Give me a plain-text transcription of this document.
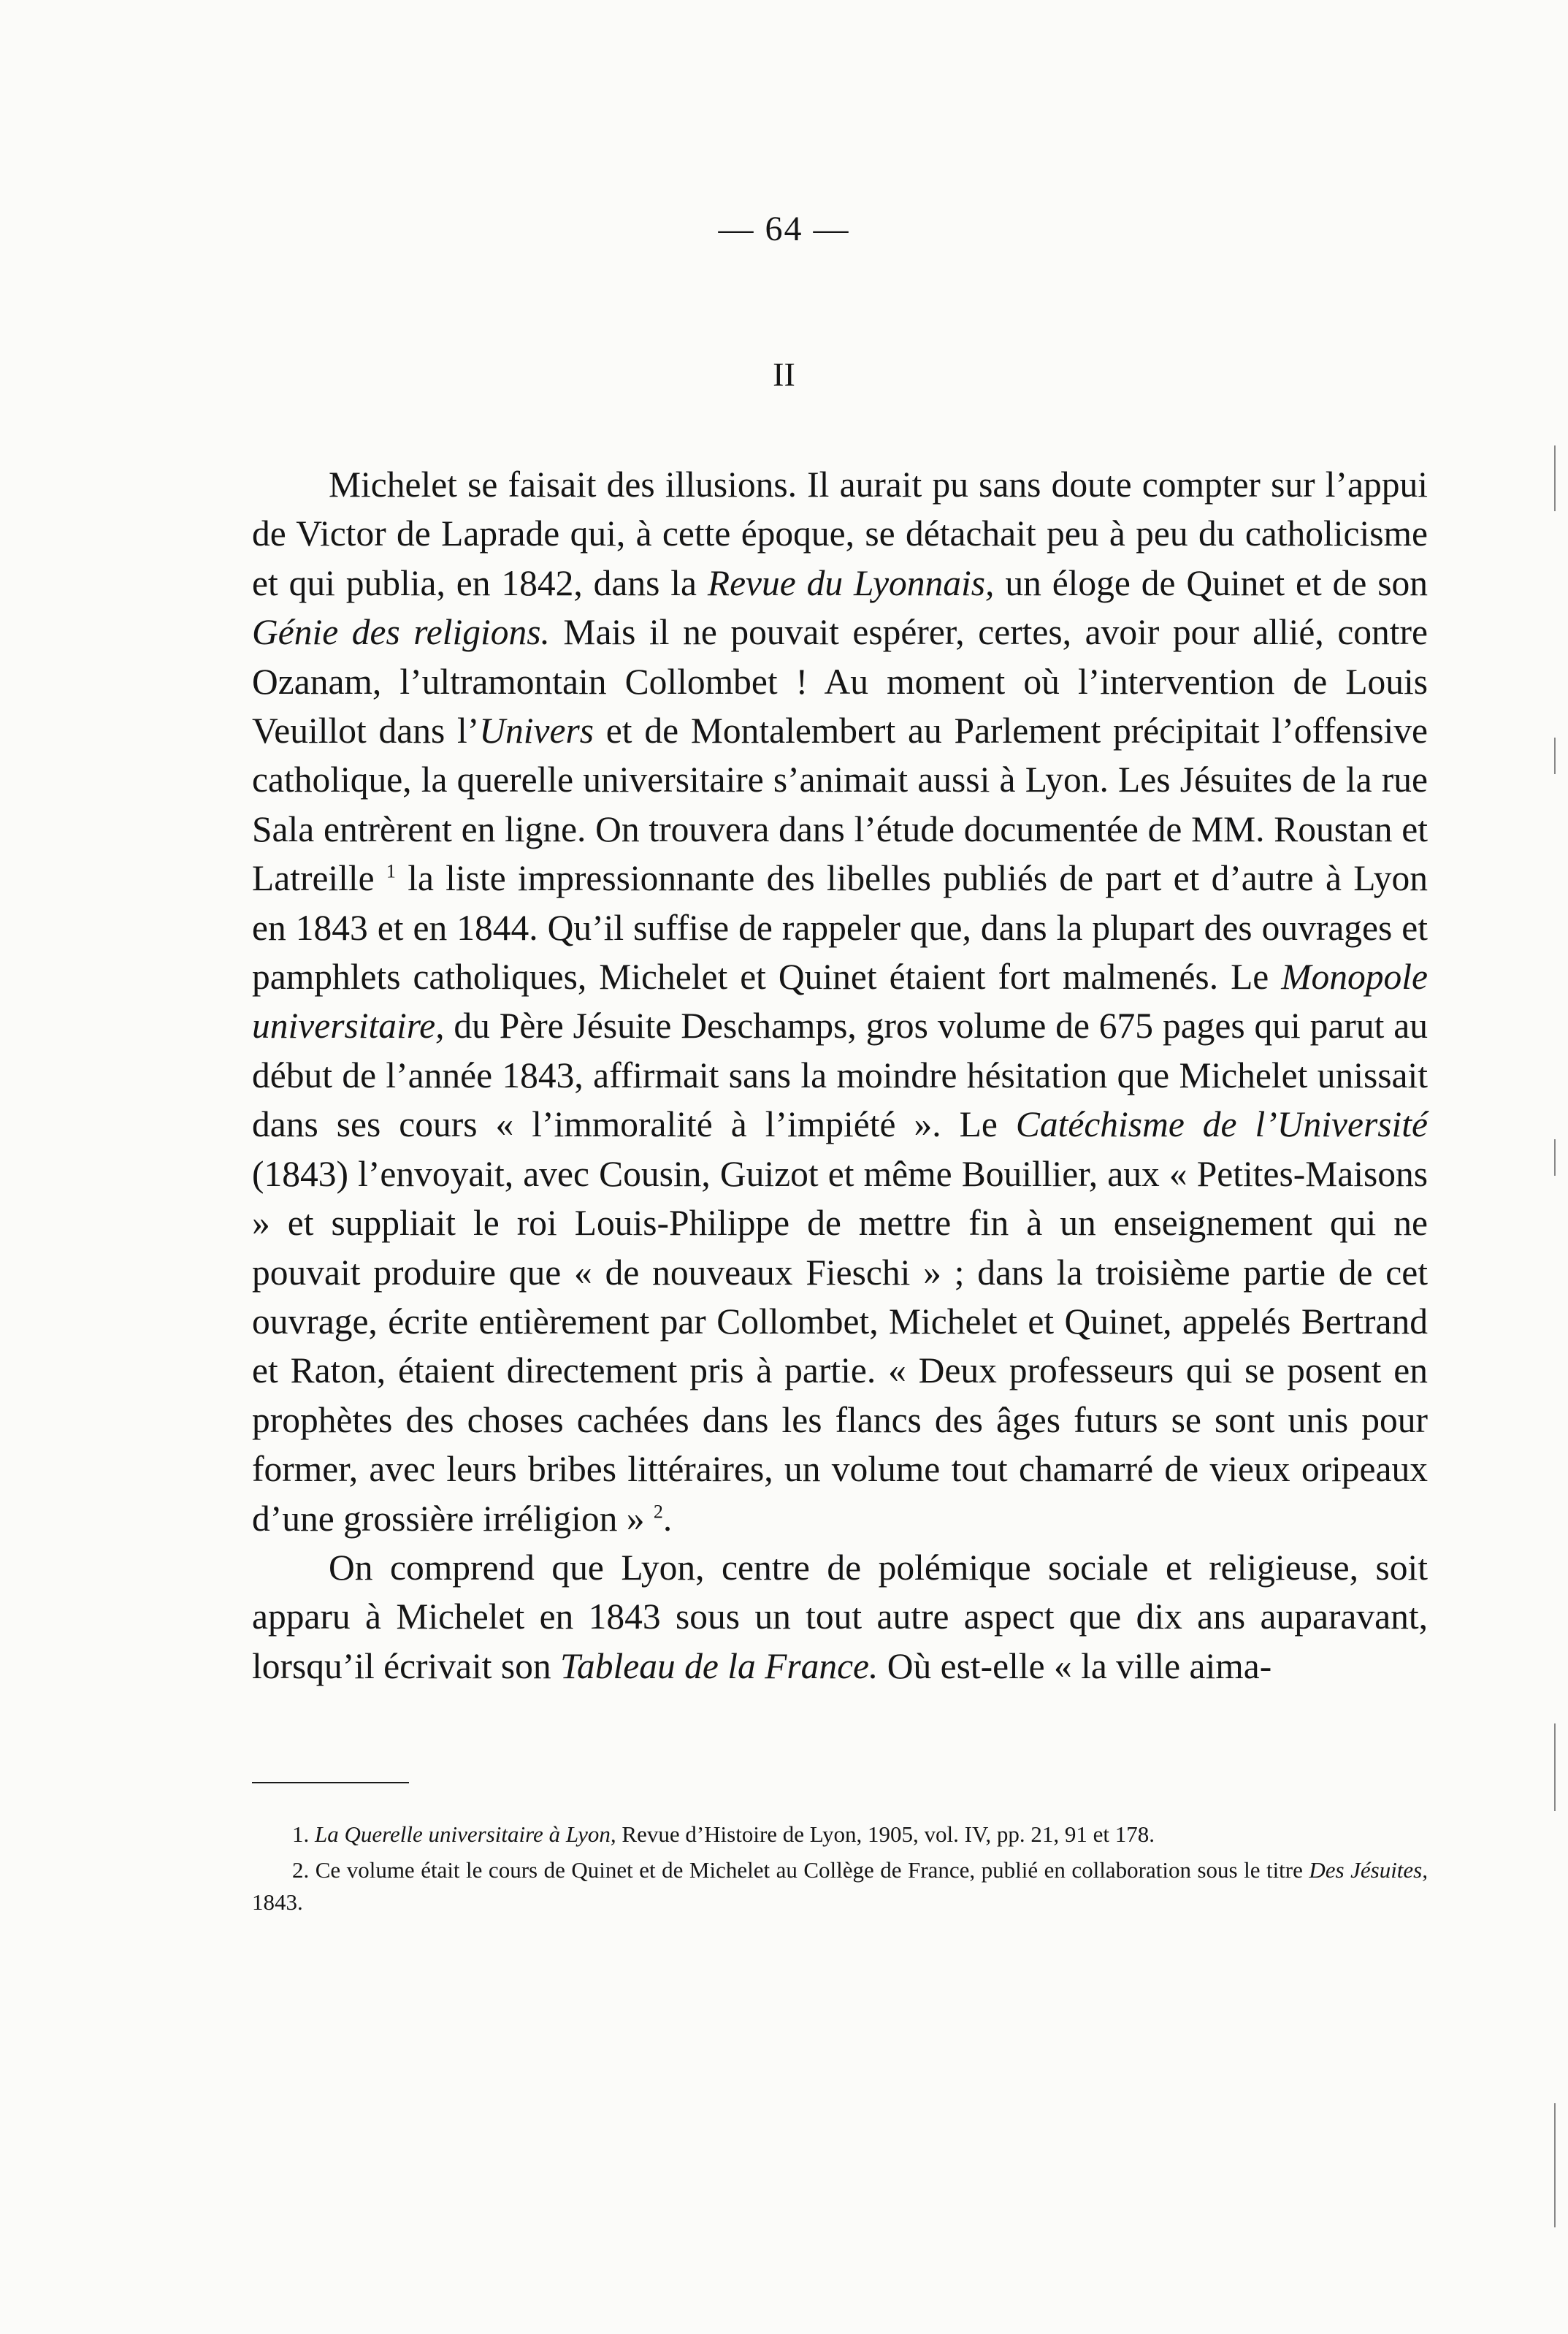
— 64 —
II

Michelet se faisait des illusions. Il aurait pu sans doute compter sur l’appui de Victor de Laprade qui, à cette époque, se détachait peu à peu du catholicisme et qui publia, en 1842, dans la Revue du Lyonnais, un éloge de Quinet et de son Génie des religions. Mais il ne pouvait espérer, certes, avoir pour allié, contre Ozanam, l’ultramontain Collombet ! Au moment où l’intervention de Louis Veuillot dans l’Univers et de Montalembert au Parlement précipitait l’offensive catholique, la querelle universitaire s’animait aussi à Lyon. Les Jésuites de la rue Sala entrèrent en ligne. On trouvera dans l’étude documentée de MM. Roustan et Latreille $^1$ la liste impressionnante des libelles publiés de part et d’autre à Lyon en 1843 et en 1844. Qu’il suffise de rappeler que, dans la plupart des ouvrages et pamphlets catholiques, Michelet et Quinet étaient fort malmenés. Le Monopole universitaire, du Père Jésuite Deschamps, gros volume de 675 pages qui parut au début de l’année 1843, affirmait sans la moindre hésitation que Michelet unissait dans ses cours « l’immoralité à l’impiété ». Le Catéchisme de l’Université (1843) l’envoyait, avec Cousin, Guizot et même Bouillier, aux « Petites-Maisons » et suppliait le roi Louis-Philippe de mettre fin à un enseignement qui ne pouvait produire que « de nouveaux Fieschi » ; dans la troisième partie de cet ouvrage, écrite entièrement par Collombet, Michelet et Quinet, appelés Bertrand et Raton, étaient directement pris à partie. « Deux professeurs qui se posent en prophètes des choses cachées dans les flancs des âges futurs se sont unis pour former, avec leurs bribes littéraires, un volume tout chamarré de vieux oripeaux d’une grossière irréligion » $^2$.

On comprend que Lyon, centre de polémique sociale et religieuse, soit apparu à Michelet en 1843 sous un tout autre aspect que dix ans auparavant, lorsqu’il écrivait son Tableau de la France. Où est-elle « la ville aima-

1. La Querelle universitaire à Lyon, Revue d’Histoire de Lyon, 1905, vol. IV, pp. 21, 91 et 178.

2. Ce volume était le cours de Quinet et de Michelet au Collège de France, publié en collaboration sous le titre Des Jésuites, 1843.
